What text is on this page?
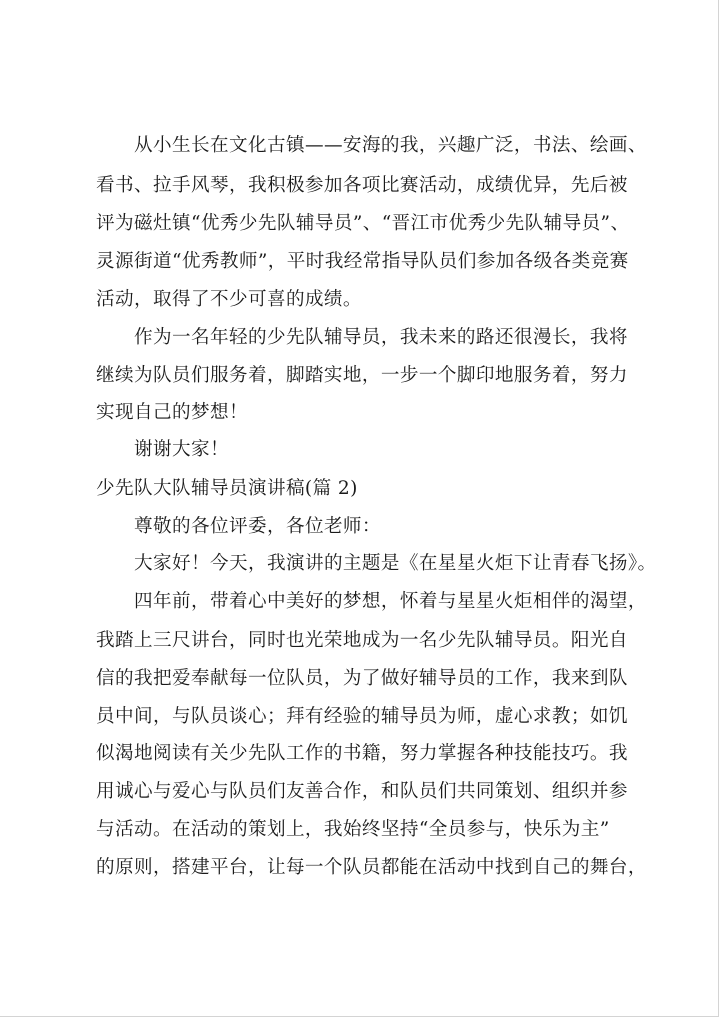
从小生长在文化古镇——安海的我，兴趣广泛，书法、绘画、
看书、拉手风琴，我积极参加各项比赛活动，成绩优异，先后被
评为磁灶镇“优秀少先队辅导员”、“晋江市优秀少先队辅导员”、
灵源街道“优秀教师”，平时我经常指导队员们参加各级各类竞赛
活动，取得了不少可喜的成绩。
作为一名年轻的少先队辅导员，我未来的路还很漫长，我将
继续为队员们服务着，脚踏实地，一步一个脚印地服务着，努力
实现自己的梦想！
谢谢大家！
少先队大队辅导员演讲稿(篇 2)
尊敬的各位评委，各位老师：
大家好！今天，我演讲的主题是《在星星火炬下让青春飞扬》。
四年前，带着心中美好的梦想，怀着与星星火炬相伴的渴望，
我踏上三尺讲台，同时也光荣地成为一名少先队辅导员。阳光自
信的我把爱奉献每一位队员，为了做好辅导员的工作，我来到队
员中间，与队员谈心；拜有经验的辅导员为师，虚心求教；如饥
似渴地阅读有关少先队工作的书籍，努力掌握各种技能技巧。我
用诚心与爱心与队员们友善合作，和队员们共同策划、组织并参
与活动。在活动的策划上，我始终坚持“全员参与，快乐为主”
的原则，搭建平台，让每一个队员都能在活动中找到自己的舞台，
